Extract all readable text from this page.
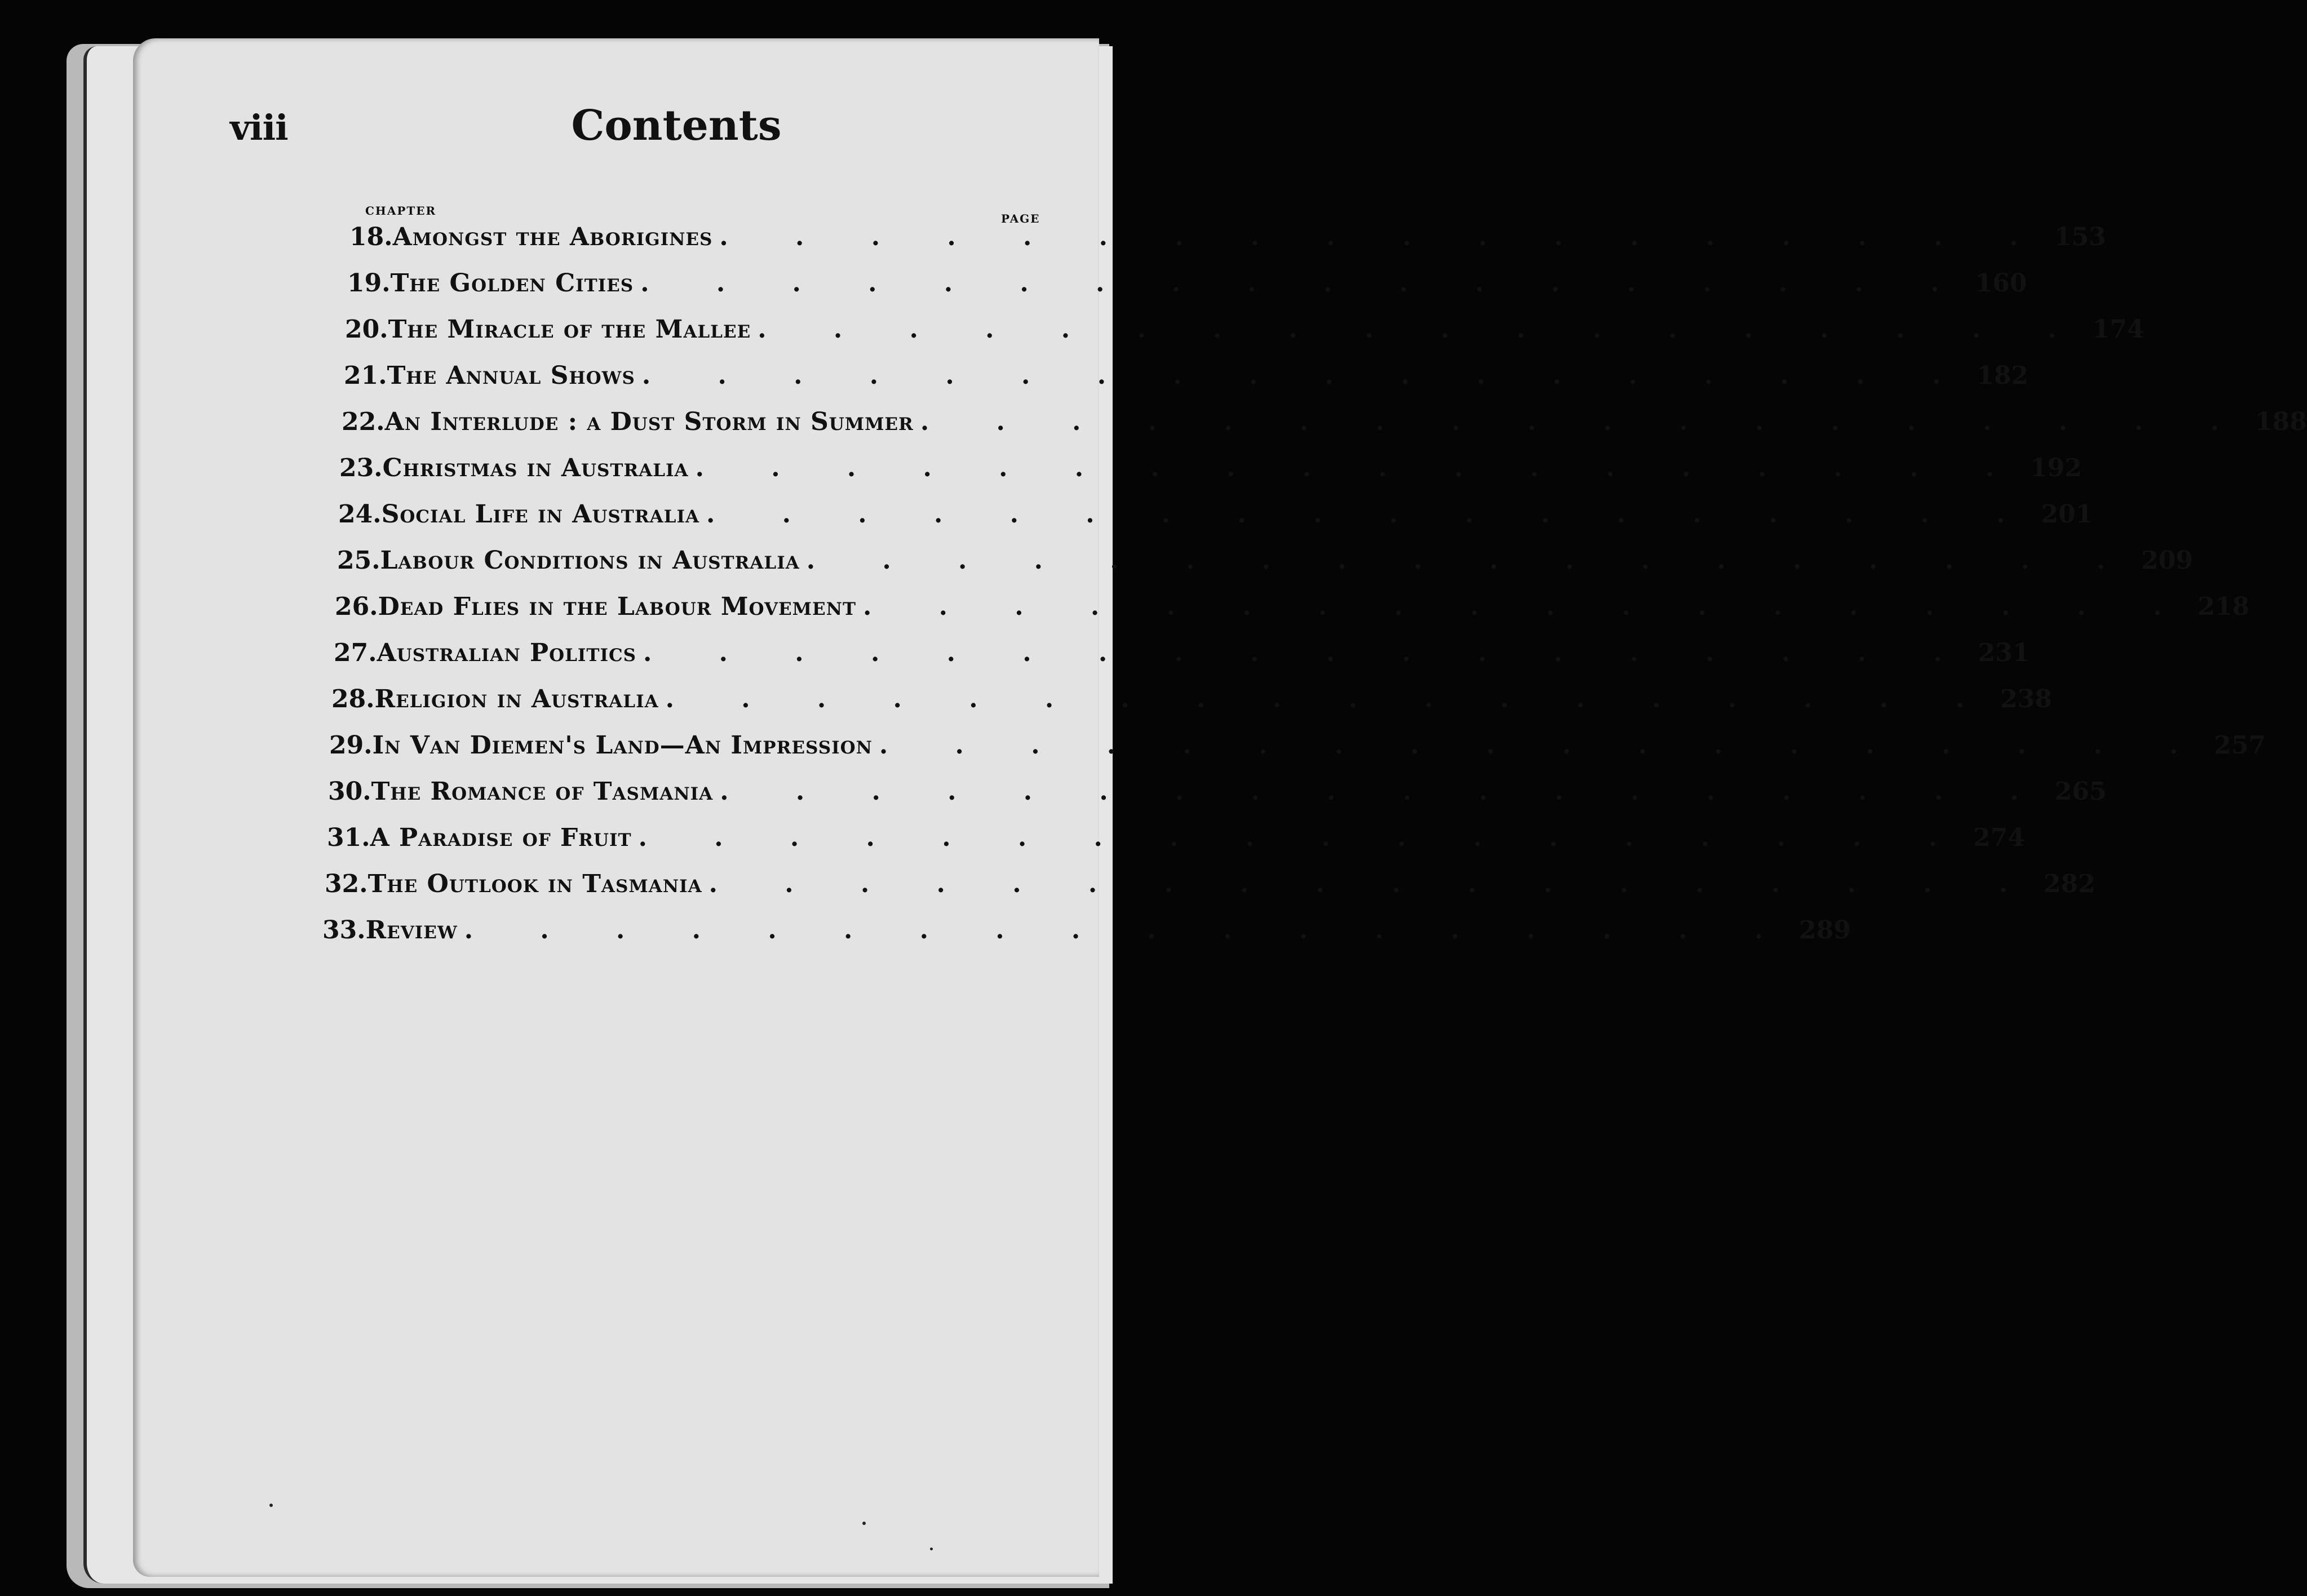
viii	Contents
CHAPTER
PAGE
18. Amongst the Aborigines . . . . . . . . . . . . . . . . . . 153
19. The Golden Cities . . . . . . . . . . . . . . . . . . 160
20. The Miracle of the Mallee . . . . . . . . . . . . . . . . . . 174
21. The Annual Shows . . . . . . . . . . . . . . . . . . 182
22. An Interlude : a Dust Storm in Summer . . . . . . . . . . . . . . . . . . 188
23. Christmas in Australia . . . . . . . . . . . . . . . . . . 192
24. Social Life in Australia . . . . . . . . . . . . . . . . . . 201
25. Labour Conditions in Australia . . . . . . . . . . . . . . . . . . 209
26. Dead Flies in the Labour Movement . . . . . . . . . . . . . . . . . . 218
27. Australian Politics . . . . . . . . . . . . . . . . . . 231
28. Religion in Australia . . . . . . . . . . . . . . . . . . 238
29. In Van Diemen's Land—An Impression . . . . . . . . . . . . . . . . . . 257
30. The Romance of Tasmania . . . . . . . . . . . . . . . . . . 265
31. A Paradise of Fruit . . . . . . . . . . . . . . . . . . 274
32. The Outlook in Tasmania . . . . . . . . . . . . . . . . . . 282
33. Review . . . . . . . . . . . . . . . . . . 289
